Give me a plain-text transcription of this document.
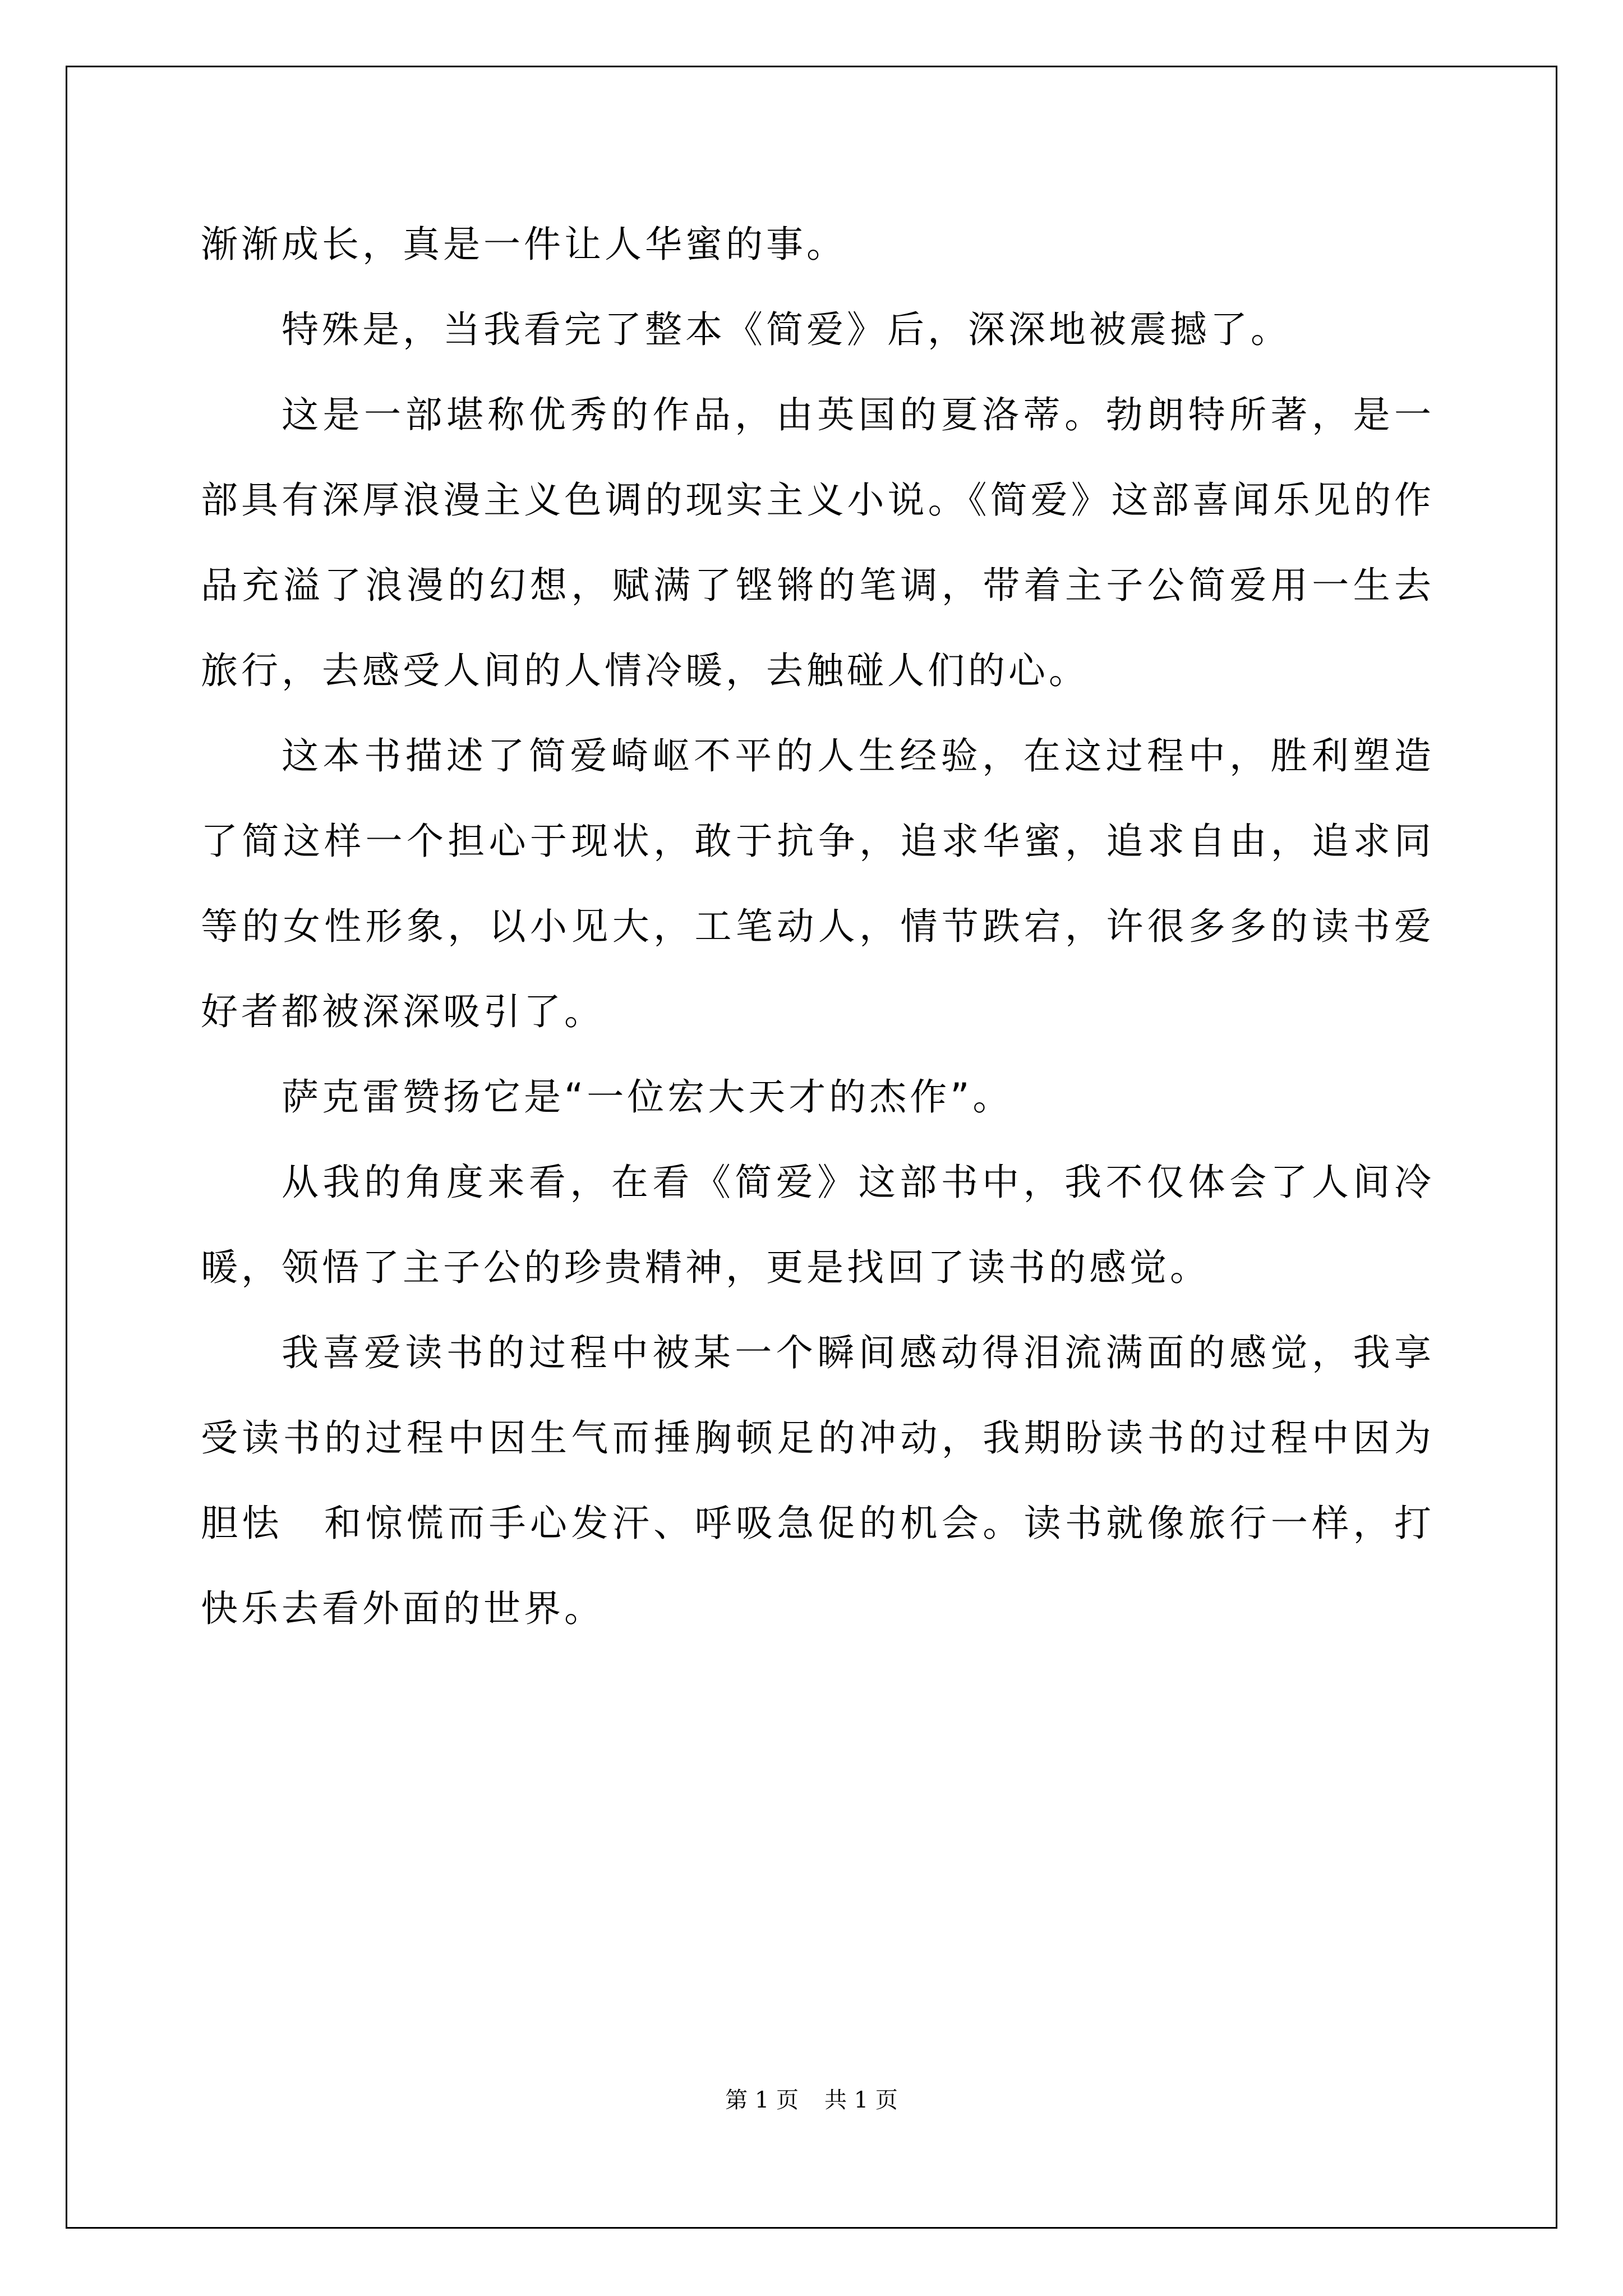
渐渐成长，真是一件让人华蜜的事。

特殊是，当我看完了整本《简爱》后，深深地被震撼了。

这是一部堪称优秀的作品，由英国的夏洛蒂。勃朗特所著，是一部具有深厚浪漫主义色调的现实主义小说。《简爱》这部喜闻乐见的作品充溢了浪漫的幻想，赋满了铿锵的笔调，带着主子公简爱用一生去旅行，去感受人间的人情冷暖，去触碰人们的心。

这本书描述了简爱崎岖不平的人生经验，在这过程中，胜利塑造了简这样一个担心于现状，敢于抗争，追求华蜜，追求自由，追求同等的女性形象，以小见大，工笔动人，情节跌宕，许很多多的读书爱好者都被深深吸引了。

萨克雷赞扬它是“一位宏大天才的杰作”。

从我的角度来看，在看《简爱》这部书中，我不仅体会了人间冷暖，领悟了主子公的珍贵精神，更是找回了读书的感觉。

我喜爱读书的过程中被某一个瞬间感动得泪流满面的感觉，我享受读书的过程中因生气而捶胸顿足的冲动，我期盼读书的过程中因为胆怯　和惊慌而手心发汗、呼吸急促的机会。读书就像旅行一样，打快乐去看外面的世界。

第 1 页 共 1 页
